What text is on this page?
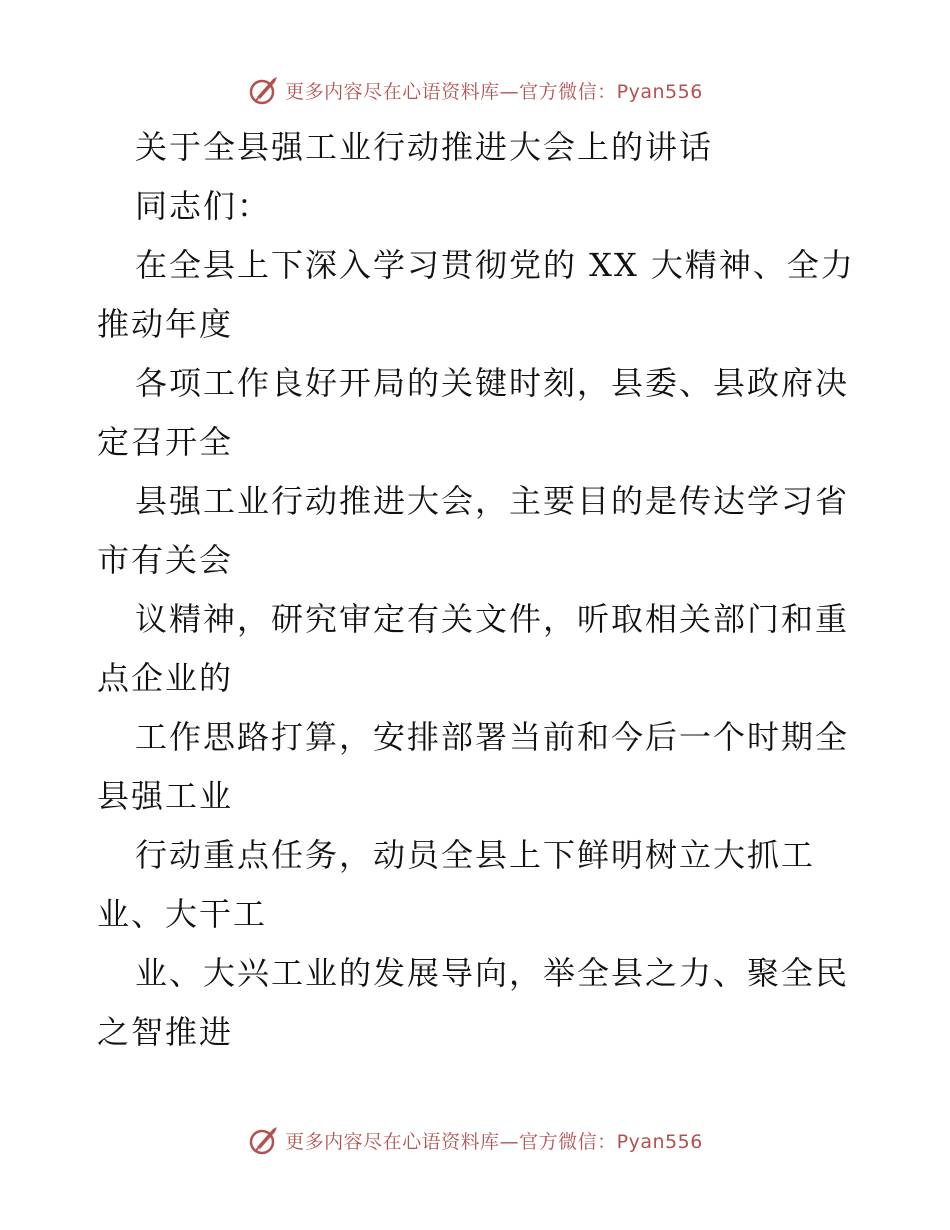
更多内容尽在心语资料库—官方微信：Pyan556
关于全县强工业行动推进大会上的讲话
同志们：
在全县上下深入学习贯彻党的 XX 大精神、全力
推动年度
各项工作良好开局的关键时刻，县委、县政府决
定召开全
县强工业行动推进大会，主要目的是传达学习省
市有关会
议精神，研究审定有关文件，听取相关部门和重
点企业的
工作思路打算，安排部署当前和今后一个时期全
县强工业
行动重点任务，动员全县上下鲜明树立大抓工
业、大干工
业、大兴工业的发展导向，举全县之力、聚全民
之智推进
更多内容尽在心语资料库—官方微信：Pyan556
